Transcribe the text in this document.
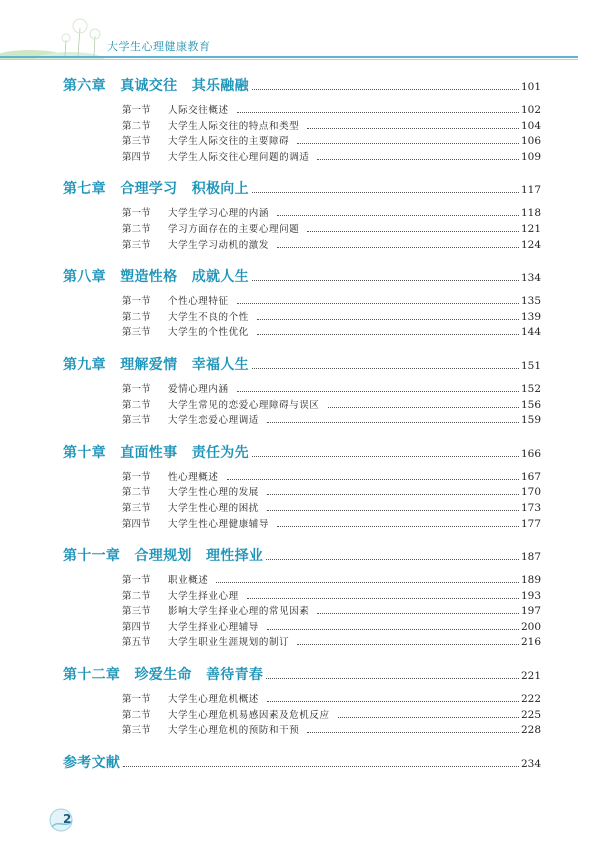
大学生心理健康教育
第六章　真诚交往　其乐融融	101
第一节	人际交往概述	102
第二节	大学生人际交往的特点和类型	104
第三节	大学生人际交往的主要障碍	106
第四节	大学生人际交往心理问题的调适	109
第七章　合理学习　积极向上	117
第一节	大学生学习心理的内涵	118
第二节	学习方面存在的主要心理问题	121
第三节	大学生学习动机的激发	124
第八章　塑造性格　成就人生	134
第一节	个性心理特征	135
第二节	大学生不良的个性	139
第三节	大学生的个性优化	144
第九章　理解爱情　幸福人生	151
第一节	爱情心理内涵	152
第二节	大学生常见的恋爱心理障碍与误区	156
第三节	大学生恋爱心理调适	159
第十章　直面性事　责任为先	166
第一节	性心理概述	167
第二节	大学生性心理的发展	170
第三节	大学生性心理的困扰	173
第四节	大学生性心理健康辅导	177
第十一章　合理规划　理性择业	187
第一节	职业概述	189
第二节	大学生择业心理	193
第三节	影响大学生择业心理的常见因素	197
第四节	大学生择业心理辅导	200
第五节	大学生职业生涯规划的制订	216
第十二章　珍爱生命　善待青春	221
第一节	大学生心理危机概述	222
第二节	大学生心理危机易感因素及危机反应	225
第三节	大学生心理危机的预防和干预	228
参考文献	234
2
